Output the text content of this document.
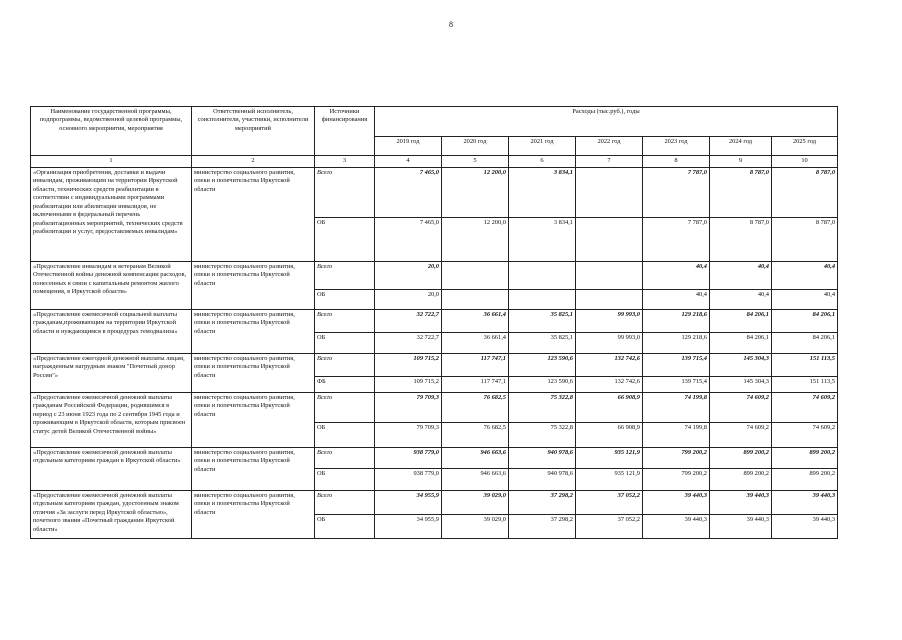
8
Наименование государственной программы, подпрограммы, ведомственной целевой программы, основного мероприятия, мероприятия	Ответственный исполнитель, соисполнители, участники, исполнители мероприятий	Источники финансирования	Расходы (тыс.руб.), годы						
			2019 год	2020 год	2021 год	2022 год	2023 год	2024 год	2025 год
1	2	3	4	5	6	7	8	9	10
«Организация приобретения, доставки и выдачи инвалидам, проживающим на территории Иркутской области, технических средств реабилитации в соответствии с индивидуальными программами реабилитации или абилитации инвалидов, не включенными в федеральный перечень реабилитационных мероприятий, технических средств реабилитации и услуг, предоставляемых инвалидам»	министерство социального развития, опеки и попечительства Иркутской области	Всего	7 465,0	12 200,0	3 834,1		7 787,0	8 787,0	8 787,0
		ОБ	7 465,0	12 200,0	3 834,1		7 787,0	8 787,0	8 787,0
«Предоставление инвалидам и ветеранам Великой Отечественной войны денежной компенсации расходов, понесенных в связи с капитальным ремонтом жилого помещения, в Иркутской области»	министерство социального развития, опеки и попечительства Иркутской области	Всего	20,0				40,4	40,4	40,4
		ОБ	20,0				40,4	40,4	40,4
«Предоставление ежемесячной социальной выплаты гражданам,проживающим на территории Иркутской области и нуждающимся в процедурах гемодиализа»	министерство социального развития, опеки и попечительства Иркутской области	Всего	32 722,7	36 661,4	35 825,1	99 993,0	129 218,6	84 206,1	84 206,1
		ОБ	32 722,7	36 661,4	35 825,1	99 993,0	129 218,6	84 206,1	84 206,1
«Предоставление ежегодной денежной выплаты лицам, награжденным нагрудным знаком "Почетный донор России"»	министерство социального развития, опеки и попечительства Иркутской области	Всего	109 715,2	117 747,1	123 590,6	132 742,6	139 715,4	145 304,3	151 113,5
		ФБ	109 715,2	117 747,1	123 590,6	132 742,6	139 715,4	145 304,3	151 113,5
«Предоставление ежемесячной денежной выплаты гражданам Российской Федерации, родившимся в период с 23 июня 1923 года по 2 сентября 1945 года и проживающим в Иркутской области, которым присвоен статус детей Великой Отечественной войны»	министерство социального развития, опеки и попечительства Иркутской области	Всего	79 709,3	76 682,5	75 322,8	66 908,9	74 199,8	74 609,2	74 609,2
		ОБ	79 709,3	76 682,5	75 322,8	66 908,9	74 199,8	74 609,2	74 609,2
«Предоставление ежемесячной денежной выплаты отдельным категориям граждан в Иркутской области»	министерство социального развития, опеки и попечительства Иркутской области	Всего	938 779,0	946 663,6	940 978,6	935 121,9	799 200,2	899 200,2	899 200,2
		ОБ	938 779,0	946 663,6	940 978,6	935 121,9	799 200,2	899 200,2	899 200,2
«Предоставление ежемесячной денежной выплаты отдельным категориям граждан, удостоенным знаком отличия «За заслуги перед Иркутской областью», почетного звания «Почетный гражданин Иркутской области»	министерство социального развития, опеки и попечительства Иркутской области	Всего	34 955,9	39 029,0	37 298,2	37 052,2	39 440,3	39 440,3	39 440,3
		ОБ	34 955,9	39 029,0	37 298,2	37 052,2	39 440,3	39 440,3	39 440,3
